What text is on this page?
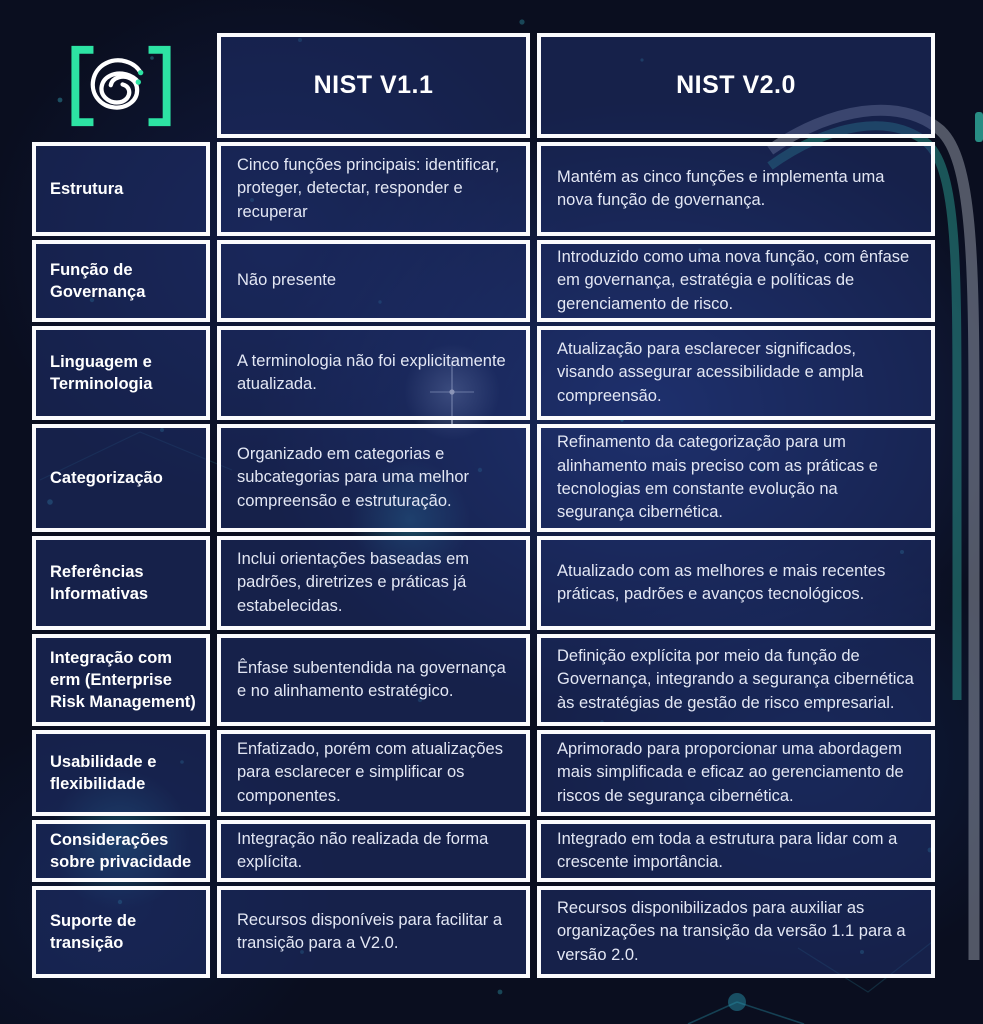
NIST V1.1	NIST V2.0
Estrutura
Cinco funções principais: identificar, proteger, detectar, responder e recuperar
Mantém as cinco funções e implementa uma nova função de governança.
Função de Governança
Não presente
Introduzido como uma nova função, com ênfase em governança, estratégia e políticas de gerenciamento de risco.
Linguagem e Terminologia
A terminologia não foi explicitamente atualizada.
Atualização para esclarecer significados, visando assegurar acessibilidade e ampla compreensão.
Categorização
Organizado em categorias e subcategorias para uma melhor compreensão e estruturação.
Refinamento da categorização para um alinhamento mais preciso com as práticas e tecnologias em constante evolução na segurança cibernética.
Referências Informativas
Inclui orientações baseadas em padrões, diretrizes e práticas já estabelecidas.
Atualizado com as melhores e mais recentes práticas, padrões e avanços tecnológicos.
Integração com erm (Enterprise Risk Management)
Ênfase subentendida na governança e no alinhamento estratégico.
Definição explícita por meio da função de Governança, integrando a segurança cibernética às estratégias de gestão de risco empresarial.
Usabilidade e flexibilidade
Enfatizado, porém com atualizações para esclarecer e simplificar os componentes.
Aprimorado para proporcionar uma abordagem mais simplificada e eficaz ao gerenciamento de riscos de segurança cibernética.
Considerações sobre privacidade
Integração não realizada de forma explícita.
Integrado em toda a estrutura para lidar com a crescente importância.
Suporte de transição
Recursos disponíveis para facilitar a transição para a V2.0.
Recursos disponibilizados para auxiliar as organizações na transição da versão 1.1 para a versão 2.0.
